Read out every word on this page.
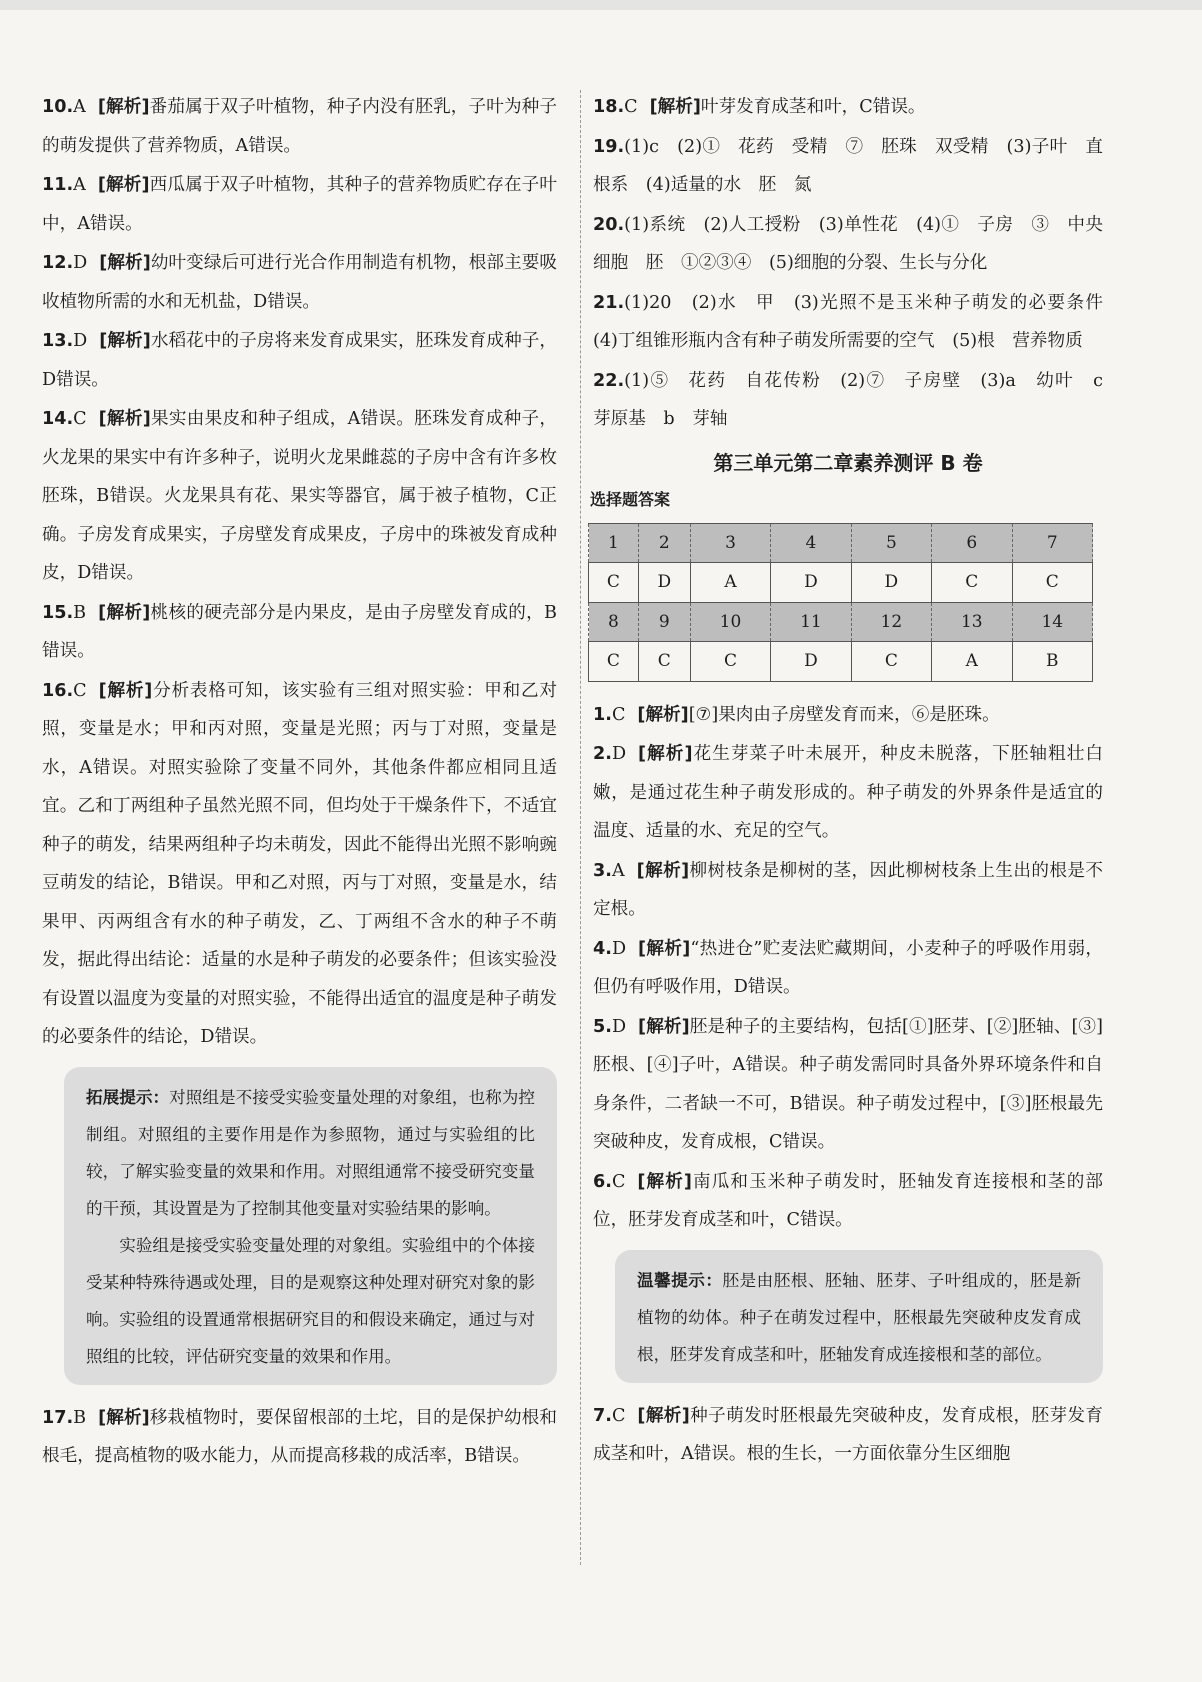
10.A [解析]番茄属于双子叶植物，种子内没有胚乳，子叶为种子的萌发提供了营养物质，A错误。

11.A [解析]西瓜属于双子叶植物，其种子的营养物质贮存在子叶中，A错误。

12.D [解析]幼叶变绿后可进行光合作用制造有机物，根部主要吸收植物所需的水和无机盐，D错误。

13.D [解析]水稻花中的子房将来发育成果实，胚珠发育成种子，D错误。

14.C [解析]果实由果皮和种子组成，A错误。胚珠发育成种子，火龙果的果实中有许多种子，说明火龙果雌蕊的子房中含有许多枚胚珠，B错误。火龙果具有花、果实等器官，属于被子植物，C正确。子房发育成果实，子房壁发育成果皮，子房中的珠被发育成种皮，D错误。

15.B [解析]桃核的硬壳部分是内果皮，是由子房壁发育成的，B错误。

16.C [解析]分析表格可知，该实验有三组对照实验：甲和乙对照，变量是水；甲和丙对照，变量是光照；丙与丁对照，变量是水，A错误。对照实验除了变量不同外，其他条件都应相同且适宜。乙和丁两组种子虽然光照不同，但均处于干燥条件下，不适宜种子的萌发，结果两组种子均未萌发，因此不能得出光照不影响豌豆萌发的结论，B错误。甲和乙对照，丙与丁对照，变量是水，结果甲、丙两组含有水的种子萌发，乙、丁两组不含水的种子不萌发，据此得出结论：适量的水是种子萌发的必要条件；但该实验没有设置以温度为变量的对照实验，不能得出适宜的温度是种子萌发的必要条件的结论，D错误。

拓展提示：对照组是不接受实验变量处理的对象组，也称为控制组。对照组的主要作用是作为参照物，通过与实验组的比较，了解实验变量的效果和作用。对照组通常不接受研究变量的干预，其设置是为了控制其他变量对实验结果的影响。

实验组是接受实验变量处理的对象组。实验组中的个体接受某种特殊待遇或处理，目的是观察这种处理对研究对象的影响。实验组的设置通常根据研究目的和假设来确定，通过与对照组的比较，评估研究变量的效果和作用。

17.B [解析]移栽植物时，要保留根部的土坨，目的是保护幼根和根毛，提高植物的吸水能力，从而提高移栽的成活率，B错误。

18.C [解析]叶芽发育成茎和叶，C错误。

19.(1)c　(2)①　花药　受精　⑦　胚珠　双受精　(3)子叶　直根系　(4)适量的水　胚　氮

20.(1)系统　(2)人工授粉　(3)单性花　(4)①　子房　③　中央细胞　胚　①②③④　(5)细胞的分裂、生长与分化

21.(1)20　(2)水　甲　(3)光照不是玉米种子萌发的必要条件　(4)丁组锥形瓶内含有种子萌发所需要的空气　(5)根　营养物质

22.(1)⑤　花药　自花传粉　(2)⑦　子房壁　(3)a　幼叶　c　芽原基　b　芽轴

第三单元第二章素养测评 B 卷
选择题答案
1	2	3	4	5	6	7
C	D	A	D	D	C	C
8	9	10	11	12	13	14
C	C	C	D	C	A	B

1.C [解析][⑦]果肉由子房壁发育而来，⑥是胚珠。

2.D [解析]花生芽菜子叶未展开，种皮未脱落，下胚轴粗壮白嫩，是通过花生种子萌发形成的。种子萌发的外界条件是适宜的温度、适量的水、充足的空气。

3.A [解析]柳树枝条是柳树的茎，因此柳树枝条上生出的根是不定根。

4.D [解析]“热进仓”贮麦法贮藏期间，小麦种子的呼吸作用弱，但仍有呼吸作用，D错误。

5.D [解析]胚是种子的主要结构，包括[①]胚芽、[②]胚轴、[③]胚根、[④]子叶，A错误。种子萌发需同时具备外界环境条件和自身条件，二者缺一不可，B错误。种子萌发过程中，[③]胚根最先突破种皮，发育成根，C错误。

6.C [解析]南瓜和玉米种子萌发时，胚轴发育连接根和茎的部位，胚芽发育成茎和叶，C错误。

温馨提示：胚是由胚根、胚轴、胚芽、子叶组成的，胚是新植物的幼体。种子在萌发过程中，胚根最先突破种皮发育成根，胚芽发育成茎和叶，胚轴发育成连接根和茎的部位。

7.C [解析]种子萌发时胚根最先突破种皮，发育成根，胚芽发育成茎和叶，A错误。根的生长，一方面依靠分生区细胞
